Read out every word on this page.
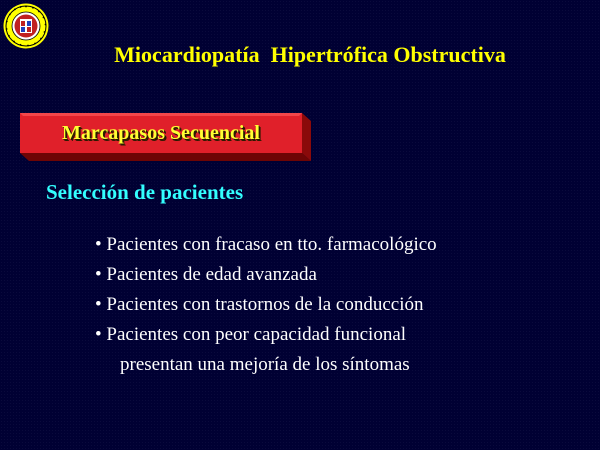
Miocardiopatía  Hipertrófica Obstructiva
Marcapasos Secuencial
Selección de pacientes
• Pacientes con fracaso en tto. farmacológico
• Pacientes de edad avanzada
• Pacientes con trastornos de la conducción
• Pacientes con peor capacidad funcional
presentan una mejoría de los síntomas
